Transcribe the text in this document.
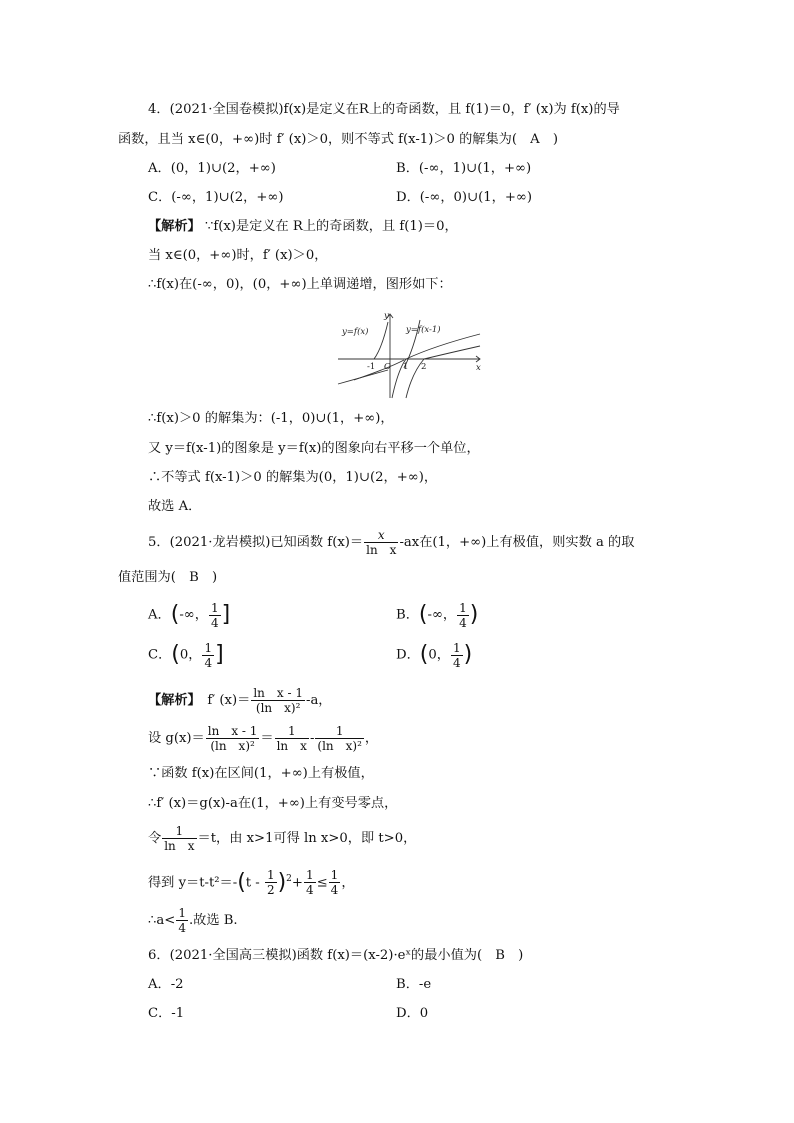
4．(2021·全国卷模拟)f(x)是定义在R上的奇函数，且 f(1)＝0，f′ (x)为 f(x)的导
函数，且当 x∈(0，+∞)时 f′ (x)＞0，则不等式 f(x-1)＞0 的解集为(　A　)
A．(0，1)∪(2，+∞)	B．(-∞，1)∪(1，+∞)
C．(-∞，1)∪(2，+∞)	D．(-∞，0)∪(1，+∞)
【解析】 ∵f(x)是定义在 R上的奇函数，且 f(1)＝0，
当 x∈(0，+∞)时，f′ (x)＞0，
∴f(x)在(-∞，0)，(0，+∞)上单调递增，图形如下：
y=f(x)	y=f(x-1)
y
x
O
-1	1 2
∴f(x)＞0 的解集为：(-1，0)∪(1，+∞)，
又 y＝f(x-1)的图象是 y＝f(x)的图象向右平移一个单位，
∴不等式 f(x-1)＞0 的解集为(0，1)∪(2，+∞)，
故选 A．
5．(2021·龙岩模拟)已知函数 $f(x)= \frac{x}{\text{ln　x}} -ax$在(1，+∞)上有极值，则实数 a 的取
值范围为(　B　)
A．(-∞， $\frac{1}{4}$ ]	B．(-∞， $\frac{1}{4}$ )
C．(0， $\frac{1}{4}$ ]	D．(0， $\frac{1}{4}$ )
【解析】　 f′ $(x)= \frac{\text{ln　x - 1}}{\text{(ln　x)²}} -a$，
设 $g(x)= \frac{\text{ln　x - 1}}{\text{(ln　x)²}} = \frac{1}{\text{ln　x}} - \frac{1}{\text{(ln　x)²}}$ ，
∵函数 f(x)在区间(1，+∞)上有极值，
∴f′ (x)＝g(x)-a在(1，+∞)上有变号零点，
令 $\frac{1}{\text{ln　x}} =t$，由 x>1可得 ln x>0，即 t>0，
得到 $y=t-t^2=-(t - \frac{1}{2} )^2+ \frac{1}{4} \le \frac{1}{4}$ ，
∴a< $\frac{1}{4}$ .故选 B.
6．(2021·全国高三模拟)函数 f(x)＝(x-2)·eˣ的最小值为(　B　)
A．-2	B．-e
C．-1	D．0
